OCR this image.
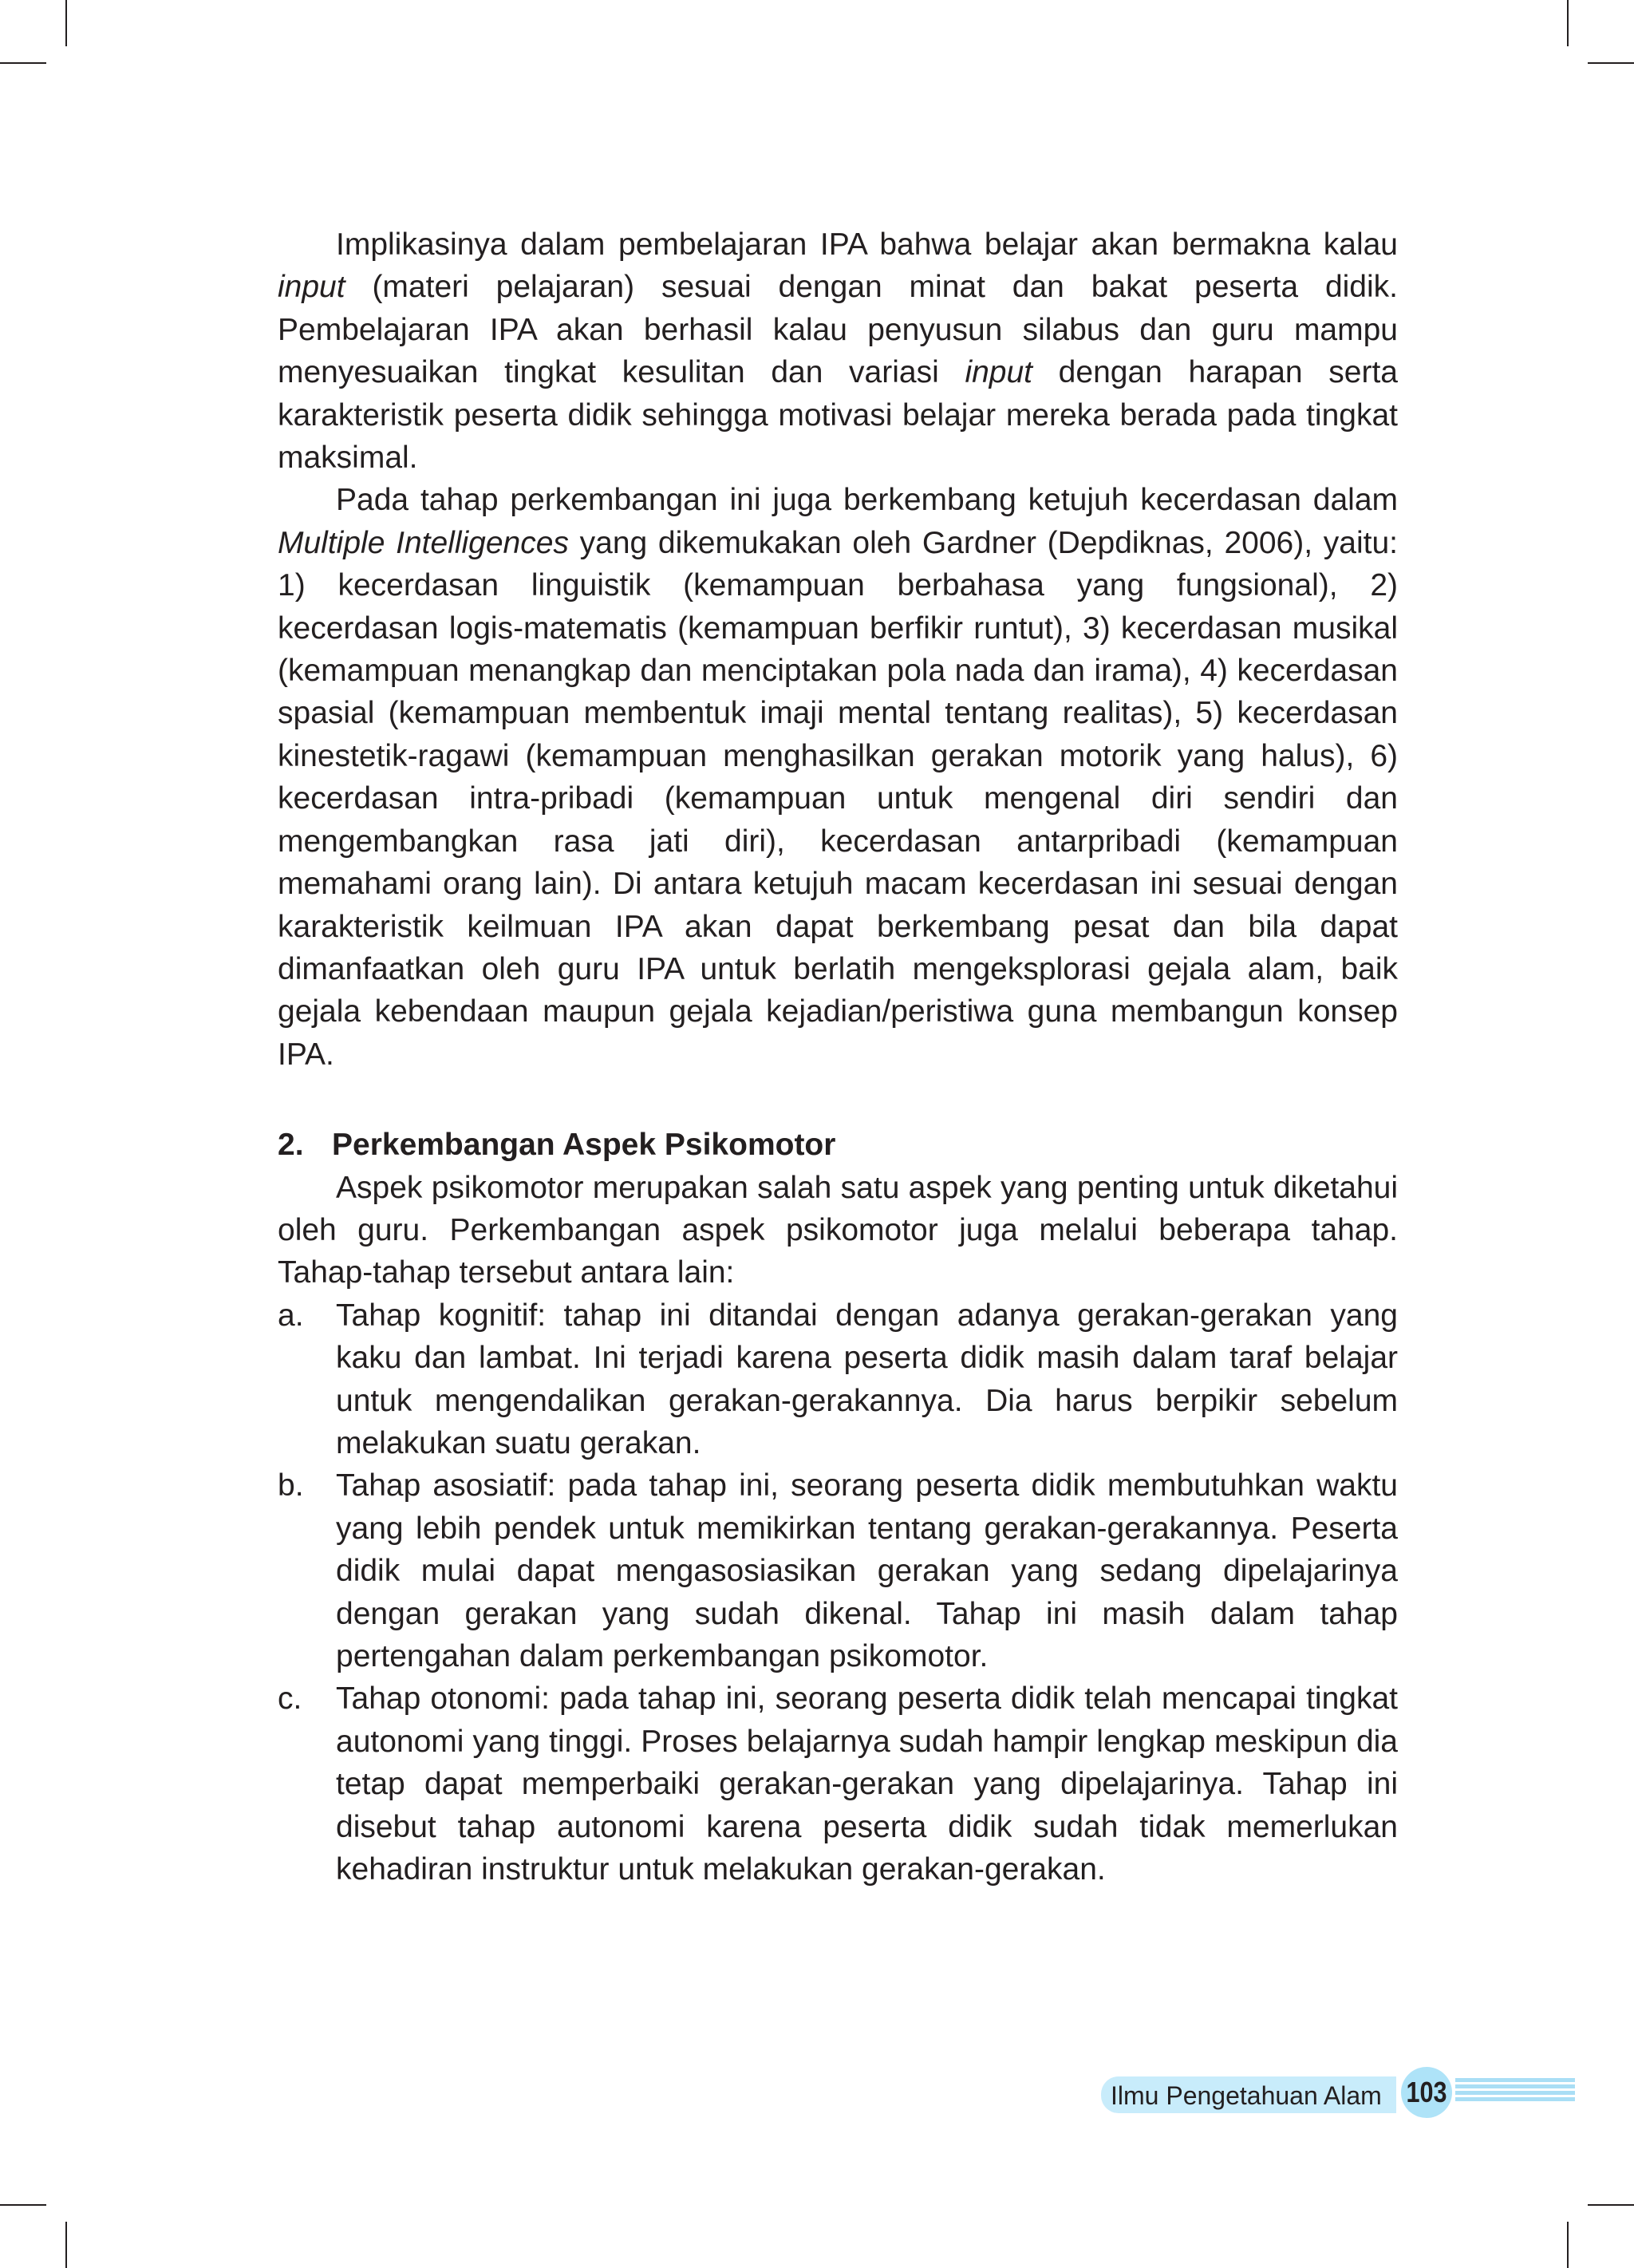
Implikasinya dalam pembelajaran IPA bahwa belajar akan bermakna kalau input (materi pelajaran) sesuai dengan minat dan bakat peserta didik. Pembelajaran IPA akan berhasil kalau penyusun silabus dan guru mampu menyesuaikan tingkat kesulitan dan variasi input dengan harapan serta karakteristik peserta didik sehingga motivasi belajar mereka berada pada tingkat maksimal.

Pada tahap perkembangan ini juga berkembang ketujuh kecerdasan dalam Multiple Intelligences yang dikemukakan oleh Gardner (Depdiknas, 2006), yaitu: 1) kecerdasan linguistik (kemampuan berbahasa yang fungsional), 2) kecerdasan logis-matematis (kemampuan berfikir runtut), 3) kecerdasan musikal (kemampuan menangkap dan menciptakan pola nada dan irama), 4) kecerdasan spasial (kemampuan membentuk imaji mental tentang realitas), 5) kecerdasan kinestetik-ragawi (kemampuan menghasilkan gerakan motorik yang halus), 6) kecerdasan intra-pribadi (kemampuan untuk mengenal diri sendiri dan mengembangkan rasa jati diri), kecerdasan antarpribadi (kemampuan memahami orang lain). Di antara ketujuh macam kecerdasan ini sesuai dengan karakteristik keilmuan IPA akan dapat berkembang pesat dan bila dapat dimanfaatkan oleh guru IPA untuk berlatih mengeksplorasi gejala alam, baik gejala kebendaan maupun gejala kejadian/peristiwa guna membangun konsep IPA.

2. Perkembangan Aspek Psikomotor

Aspek psikomotor merupakan salah satu aspek yang penting untuk diketahui oleh guru. Perkembangan aspek psikomotor juga melalui beberapa tahap. Tahap-tahap tersebut antara lain:

a. Tahap kognitif: tahap ini ditandai dengan adanya gerakan-gerakan yang kaku dan lambat. Ini terjadi karena peserta didik masih dalam taraf belajar untuk mengendalikan gerakan-gerakannya. Dia harus berpikir sebelum melakukan suatu gerakan.
b. Tahap asosiatif: pada tahap ini, seorang peserta didik membutuhkan waktu yang lebih pendek untuk memikirkan tentang gerakan-gerakannya. Peserta didik mulai dapat mengasosiasikan gerakan yang sedang dipelajarinya dengan gerakan yang sudah dikenal. Tahap ini masih dalam tahap pertengahan dalam perkembangan psikomotor.
c. Tahap otonomi: pada tahap ini, seorang peserta didik telah mencapai tingkat autonomi yang tinggi. Proses belajarnya sudah hampir lengkap meskipun dia tetap dapat memperbaiki gerakan-gerakan yang dipelajarinya. Tahap ini disebut tahap autonomi karena peserta didik sudah tidak memerlukan kehadiran instruktur untuk melakukan gerakan-gerakan.
Ilmu Pengetahuan Alam 103
